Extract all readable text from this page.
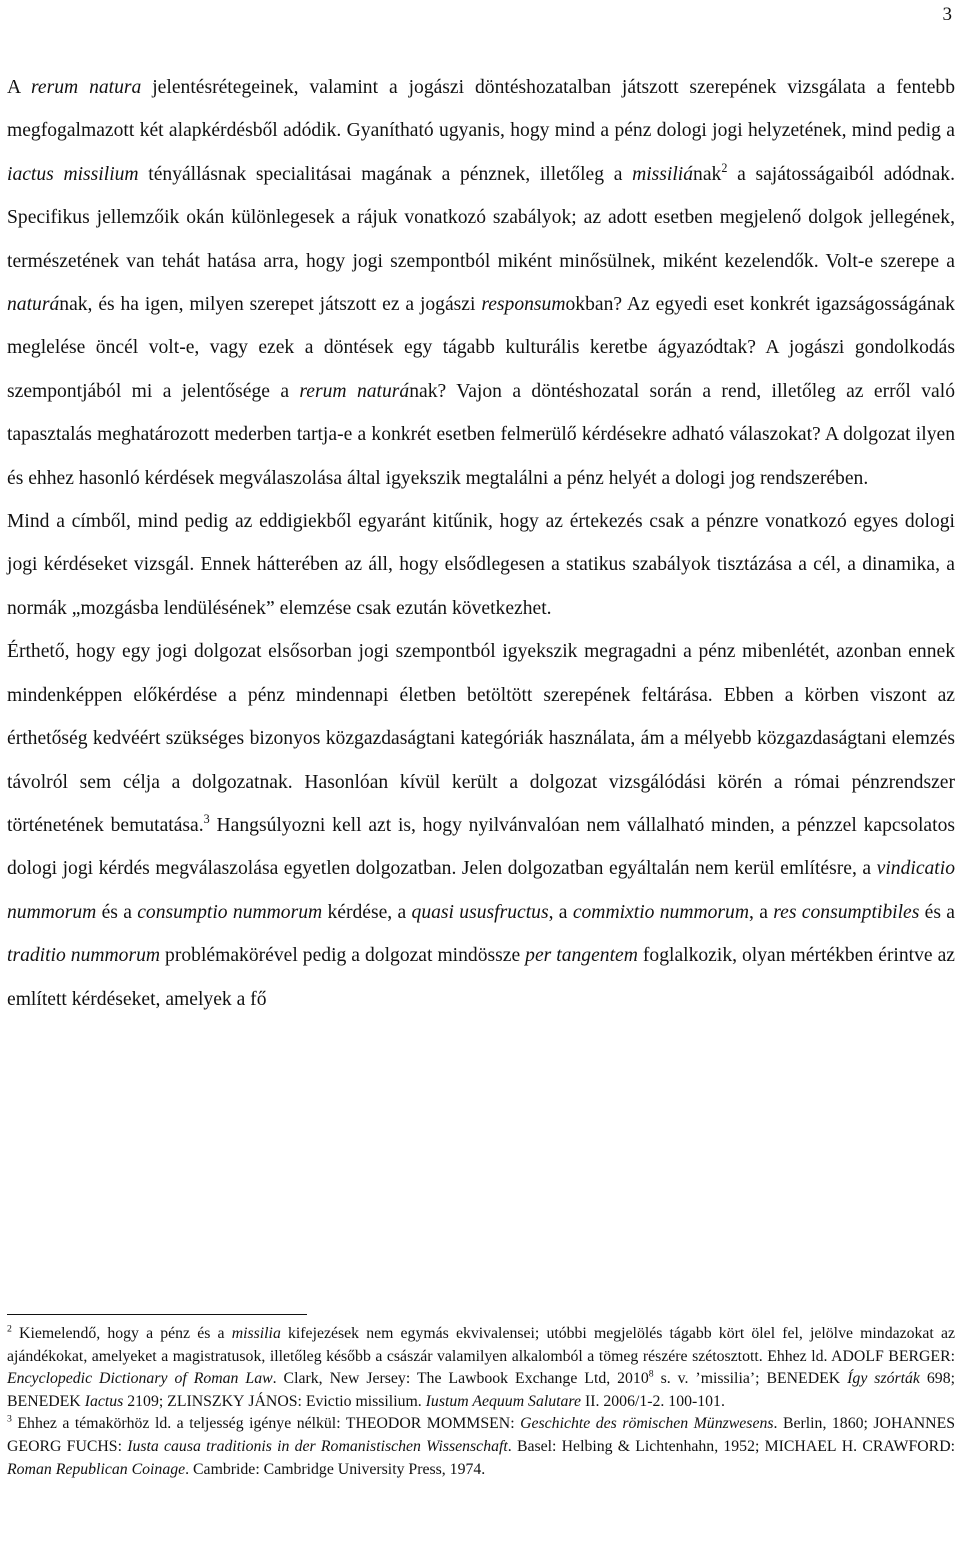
3

A rerum natura jelentésrétegeinek, valamint a jogászi döntéshozatalban játszott szerepének vizsgálata a fentebb megfogalmazott két alapkérdésből adódik. Gyanítható ugyanis, hogy mind a pénz dologi jogi helyzetének, mind pedig a iactus missilium tényállásnak specialitásai magának a pénznek, illetőleg a missiliának$^2$ a sajátosságaiból adódnak. Specifikus jellemzőik okán különlegesek a rájuk vonatkozó szabályok; az adott esetben megjelenő dolgok jellegének, természetének van tehát hatása arra, hogy jogi szempontból miként minősülnek, miként kezelendők. Volt-e szerepe a naturának, és ha igen, milyen szerepet játszott ez a jogászi responsumokban? Az egyedi eset konkrét igazságosságának meglelése öncél volt-e, vagy ezek a döntések egy tágabb kulturális keretbe ágyazódtak? A jogászi gondolkodás szempontjából mi a jelentősége a rerum naturának? Vajon a döntéshozatal során a rend, illetőleg az erről való tapasztalás meghatározott mederben tartja-e a konkrét esetben felmerülő kérdésekre adható válaszokat? A dolgozat ilyen és ehhez hasonló kérdések megválaszolása által igyekszik megtalálni a pénz helyét a dologi jog rendszerében.

Mind a címből, mind pedig az eddigiekből egyaránt kitűnik, hogy az értekezés csak a pénzre vonatkozó egyes dologi jogi kérdéseket vizsgál. Ennek hátterében az áll, hogy elsődlegesen a statikus szabályok tisztázása a cél, a dinamika, a normák „mozgásba lendülésének” elemzése csak ezután következhet.

Érthető, hogy egy jogi dolgozat elsősorban jogi szempontból igyekszik megragadni a pénz mibenlétét, azonban ennek mindenképpen előkérdése a pénz mindennapi életben betöltött szerepének feltárása. Ebben a körben viszont az érthetőség kedvéért szükséges bizonyos közgazdaságtani kategóriák használata, ám a mélyebb közgazdaságtani elemzés távolról sem célja a dolgozatnak. Hasonlóan kívül került a dolgozat vizsgálódási körén a római pénzrendszer történetének bemutatása.$^3$ Hangsúlyozni kell azt is, hogy nyilvánvalóan nem vállalható minden, a pénzzel kapcsolatos dologi jogi kérdés megválaszolása egyetlen dolgozatban. Jelen dolgozatban egyáltalán nem kerül említésre, a vindicatio nummorum és a consumptio nummorum kérdése, a quasi ususfructus, a commixtio nummorum, a res consumptibiles és a traditio nummorum problémakörével pedig a dolgozat mindössze per tangentem foglalkozik, olyan mértékben érintve az említett kérdéseket, amelyek a fő

$^2$ Kiemelendő, hogy a pénz és a missilia kifejezések nem egymás ekvivalensei; utóbbi megjelölés tágabb kört ölel fel, jelölve mindazokat az ajándékokat, amelyeket a magistratusok, illetőleg később a császár valamilyen alkalomból a tömeg részére szétosztott. Ehhez ld. ADOLF BERGER: Encyclopedic Dictionary of Roman Law. Clark, New Jersey: The Lawbook Exchange Ltd, 2010$^8$ s. v. ’missilia’; BENEDEK Így szórták 698; BENEDEK Iactus 2109; ZLINSZKY JÁNOS: Evictio missilium. Iustum Aequum Salutare II. 2006/1-2. 100-101.

$^3$ Ehhez a témakörhöz ld. a teljesség igénye nélkül: THEODOR MOMMSEN: Geschichte des römischen Münzwesens. Berlin, 1860; JOHANNES GEORG FUCHS: Iusta causa traditionis in der Romanistischen Wissenschaft. Basel: Helbing & Lichtenhahn, 1952; MICHAEL H. CRAWFORD: Roman Republican Coinage. Cambride: Cambridge University Press, 1974.
